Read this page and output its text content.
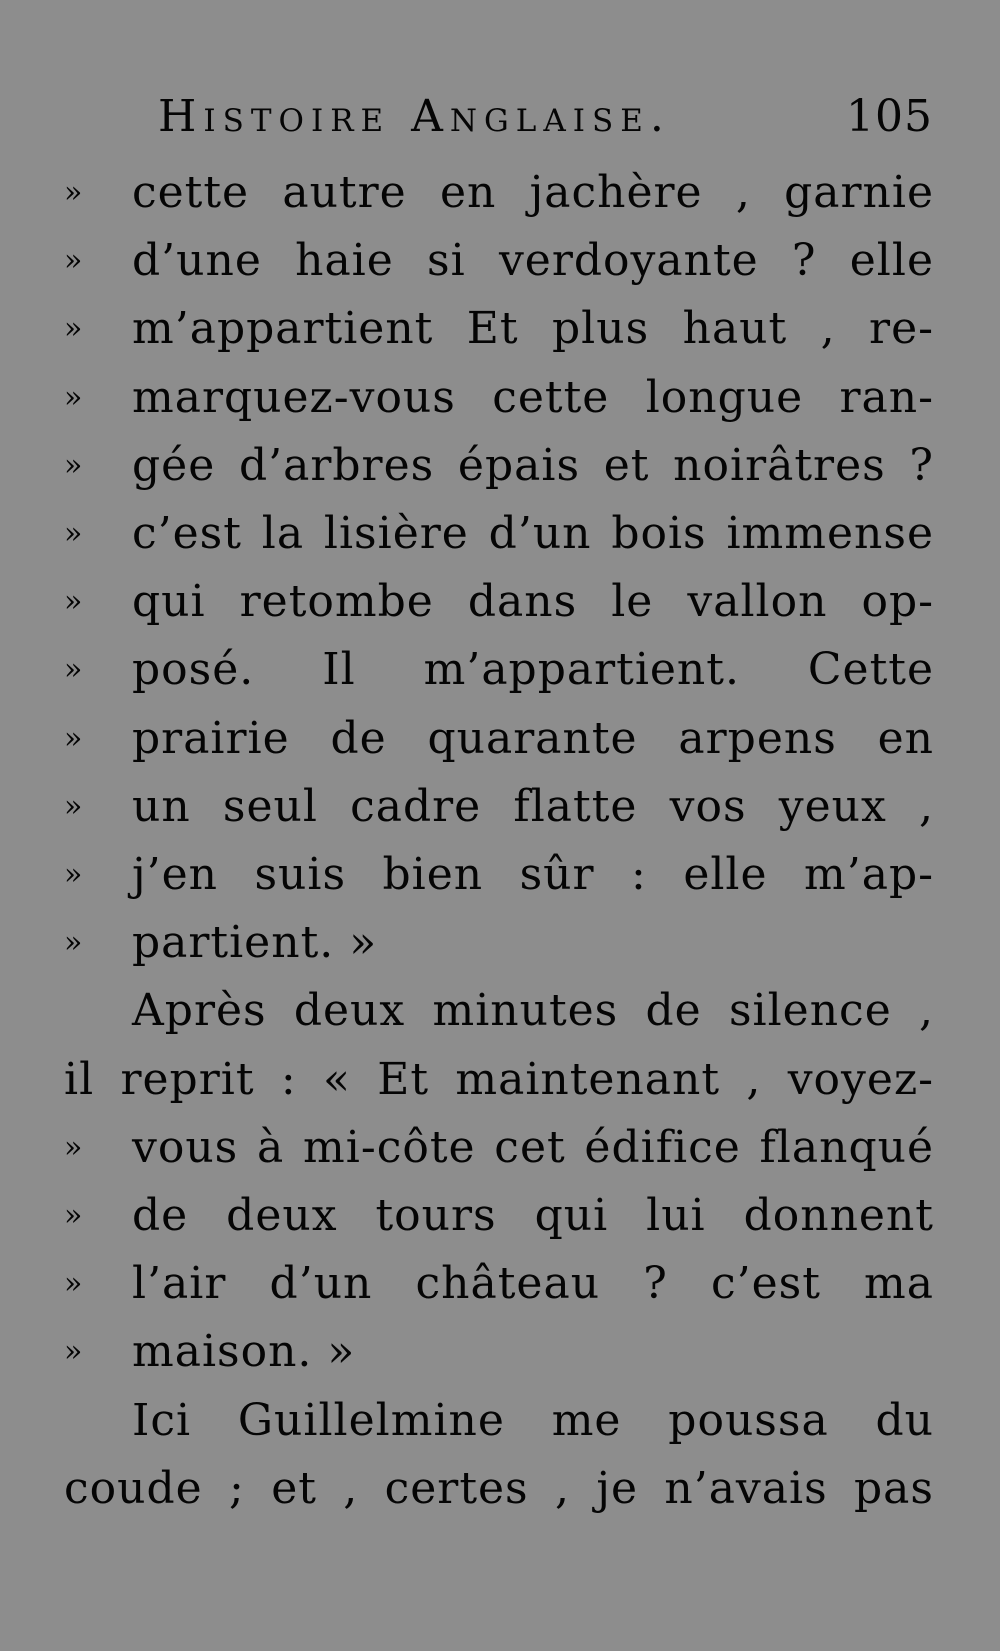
Histoire Anglaise.	105
»	cette autre en jachère , garnie
»	d’une haie si verdoyante ? elle
»	m’appartient Et plus haut , re-
»	marquez-vous cette longue ran-
»	gée d’arbres épais et noirâtres ?
»	c’est la lisière d’un bois immense
»	qui retombe dans le vallon op-
»	posé. Il m’appartient. Cette
»	prairie de quarante arpens en
»	un seul cadre flatte vos yeux ,
»	j’en suis bien sûr : elle m’ap-
»	partient. »
Après deux minutes de silence ,
il reprit : « Et maintenant , voyez-
»	vous à mi-côte cet édifice flanqué
»	de deux tours qui lui donnent
»	l’air d’un château ? c’est ma
»	maison. »
Ici Guillelmine me poussa du
coude ; et , certes , je n’avais pas
